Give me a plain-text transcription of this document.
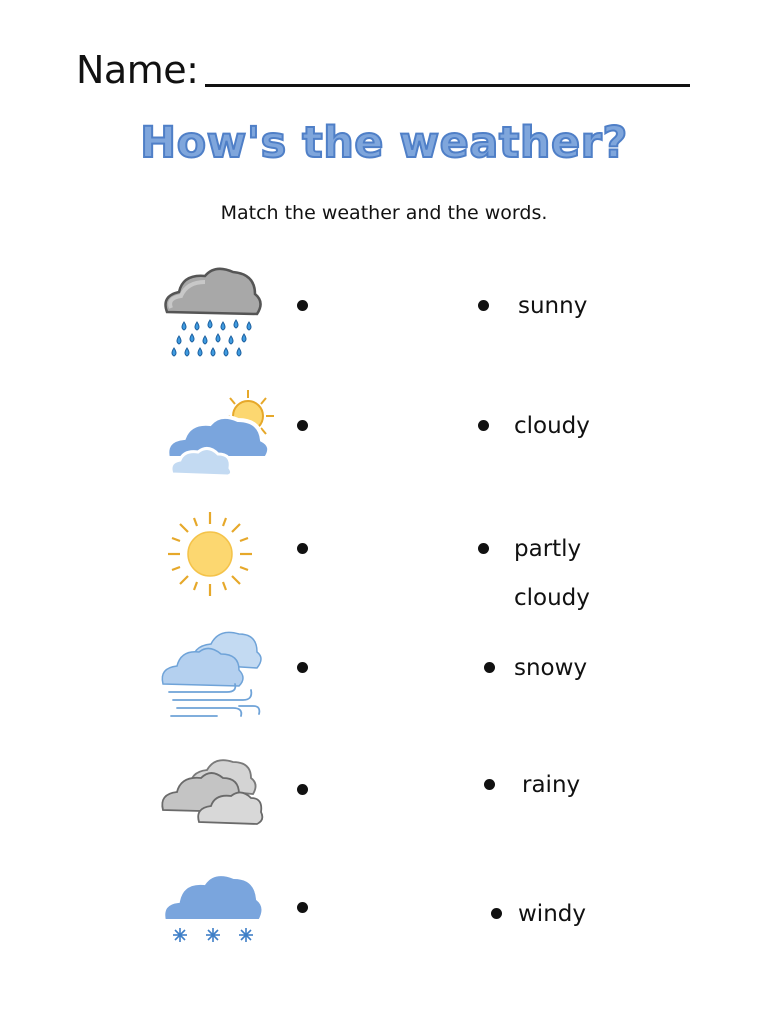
Name:
How's the weather?

Match the weather and the words.

sunny
cloudy
partly
cloudy
snowy
rainy
windy
